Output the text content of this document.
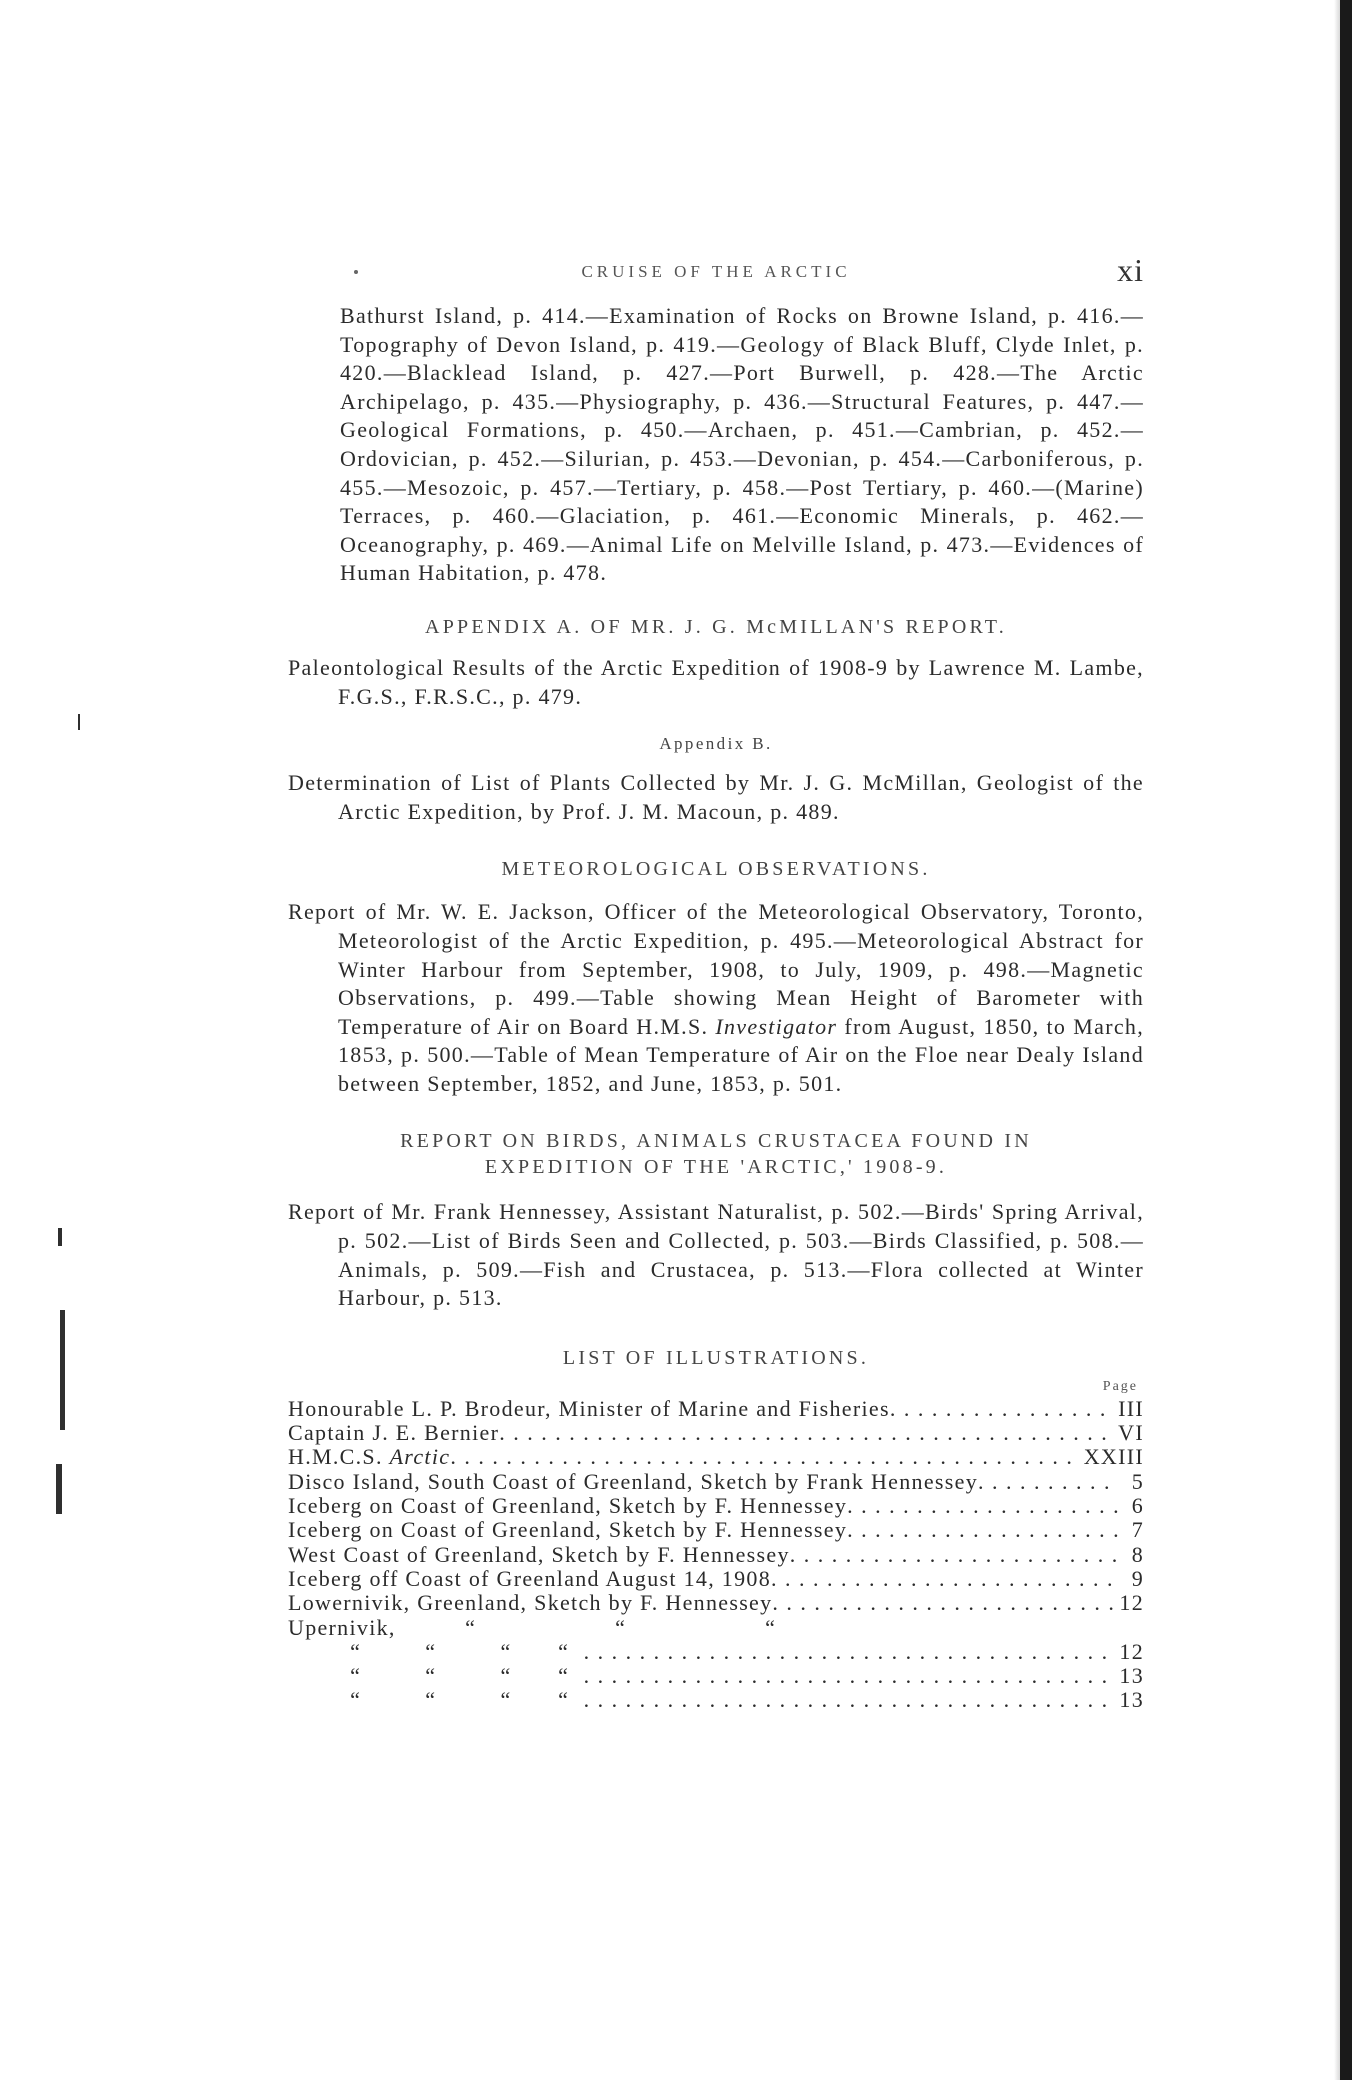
CRUISE OF THE ARCTIC	xi

Bathurst Island, p. 414.—Examination of Rocks on Browne Island, p. 416.—Topography of Devon Island, p. 419.—Geology of Black Bluff, Clyde Inlet, p. 420.—Blacklead Island, p. 427.—Port Burwell, p. 428.—The Arctic Archipelago, p. 435.—Physiography, p. 436.—Structural Features, p. 447.—Geological Formations, p. 450.—Archaen, p. 451.—Cambrian, p. 452.—Ordovician, p. 452.—Silurian, p. 453.—Devonian, p. 454.—Carboniferous, p. 455.—Mesozoic, p. 457.—Tertiary, p. 458.—Post Tertiary, p. 460.—(Marine) Terraces, p. 460.—Glaciation, p. 461.—Economic Minerals, p. 462.—Oceanography, p. 469.—Animal Life on Melville Island, p. 473.—Evidences of Human Habitation, p. 478.

APPENDIX A. OF MR. J. G. McMILLAN'S REPORT.

Paleontological Results of the Arctic Expedition of 1908-9 by Lawrence M. Lambe, F.G.S., F.R.S.C., p. 479.

Appendix B.

Determination of List of Plants Collected by Mr. J. G. McMillan, Geologist of the Arctic Expedition, by Prof. J. M. Macoun, p. 489.

METEOROLOGICAL OBSERVATIONS.

Report of Mr. W. E. Jackson, Officer of the Meteorological Observatory, Toronto, Meteorologist of the Arctic Expedition, p. 495.—Meteorological Abstract for Winter Harbour from September, 1908, to July, 1909, p. 498.—Magnetic Observations, p. 499.—Table showing Mean Height of Barometer with Temperature of Air on Board H.M.S. Investigator from August, 1850, to March, 1853, p. 500.—Table of Mean Temperature of Air on the Floe near Dealy Island between September, 1852, and June, 1853, p. 501.

REPORT ON BIRDS, ANIMALS CRUSTACEA FOUND IN
EXPEDITION OF THE 'ARCTIC,' 1908-9.

Report of Mr. Frank Hennessey, Assistant Naturalist, p. 502.—Birds' Spring Arrival, p. 502.—List of Birds Seen and Collected, p. 503.—Birds Classified, p. 508.—Animals, p. 509.—Fish and Crustacea, p. 513.—Flora collected at Winter Harbour, p. 513.

LIST OF ILLUSTRATIONS.
Page
Honourable L. P. Brodeur, Minister of Marine and Fisheries . . .	III
Captain J. E. Bernier . . .	VI
H.M.C.S. Arctic . . .	XXIII
Disco Island, South Coast of Greenland, Sketch by Frank Hennessey . . .	5
Iceberg on Coast of Greenland, Sketch by F. Hennessey . . .	6
Iceberg on Coast of Greenland, Sketch by F. Hennessey . . .	7
West Coast of Greenland, Sketch by F. Hennessey . . .	8
Iceberg off Coast of Greenland August 14, 1908 . . .	9
Lowernivik, Greenland, Sketch by F. Hennessey . . .	12
Upernivik,	“	“	“
“	“	“	“ . . .	12
“	“	“	“ . . .	13
“	“	“	“ . . .	13
